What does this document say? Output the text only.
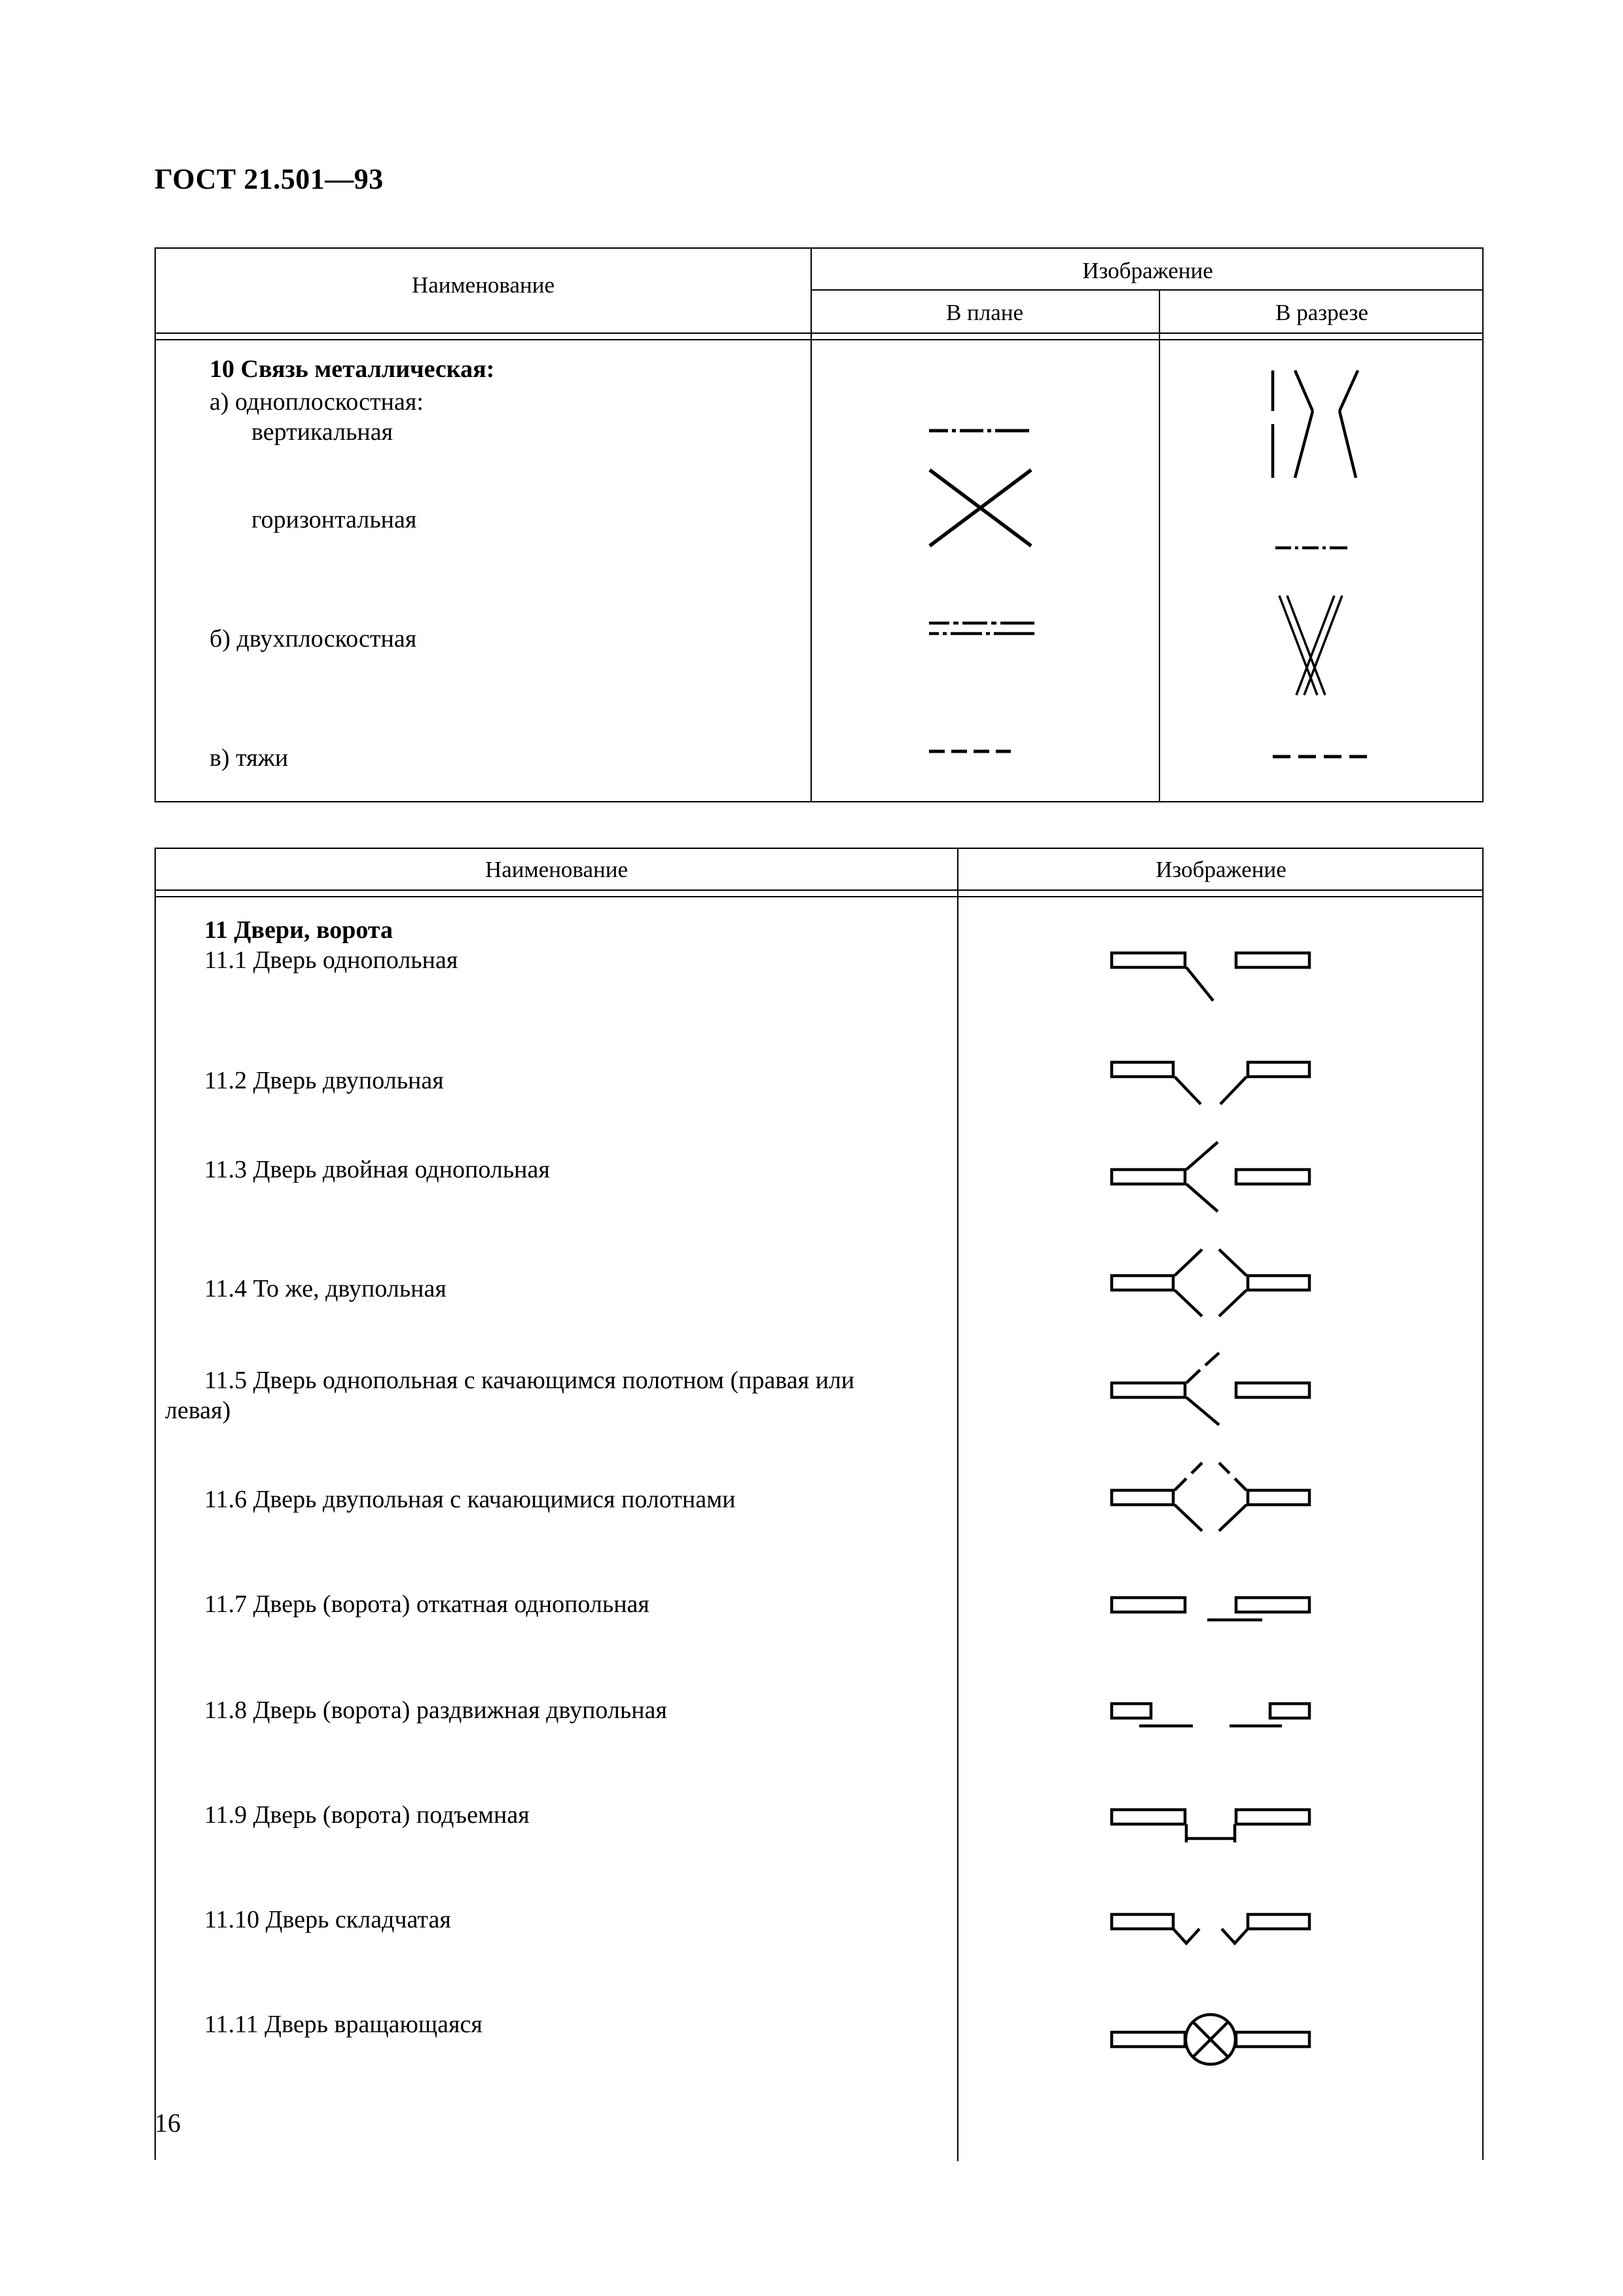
ГОСТ 21.501—93
Наименование
Изображение
В плане	В разрезе
10 Связь металлическая:
а) одноплоскостная:
вертикальная
горизонтальная
б) двухплоскостная
в) тяжи
Наименование	Изображение
11 Двери, ворота
11.1 Дверь однопольная
11.2 Дверь двупольная
11.3 Дверь двойная однопольная
11.4 То же, двупольная
11.5 Дверь однопольная с качающимся полотном (правая или
левая)
11.6 Дверь двупольная с качающимися полотнами
11.7 Дверь (ворота) откатная однопольная
11.8 Дверь (ворота) раздвижная двупольная
11.9 Дверь (ворота) подъемная
11.10 Дверь складчатая
11.11 Дверь вращающаяся
16
